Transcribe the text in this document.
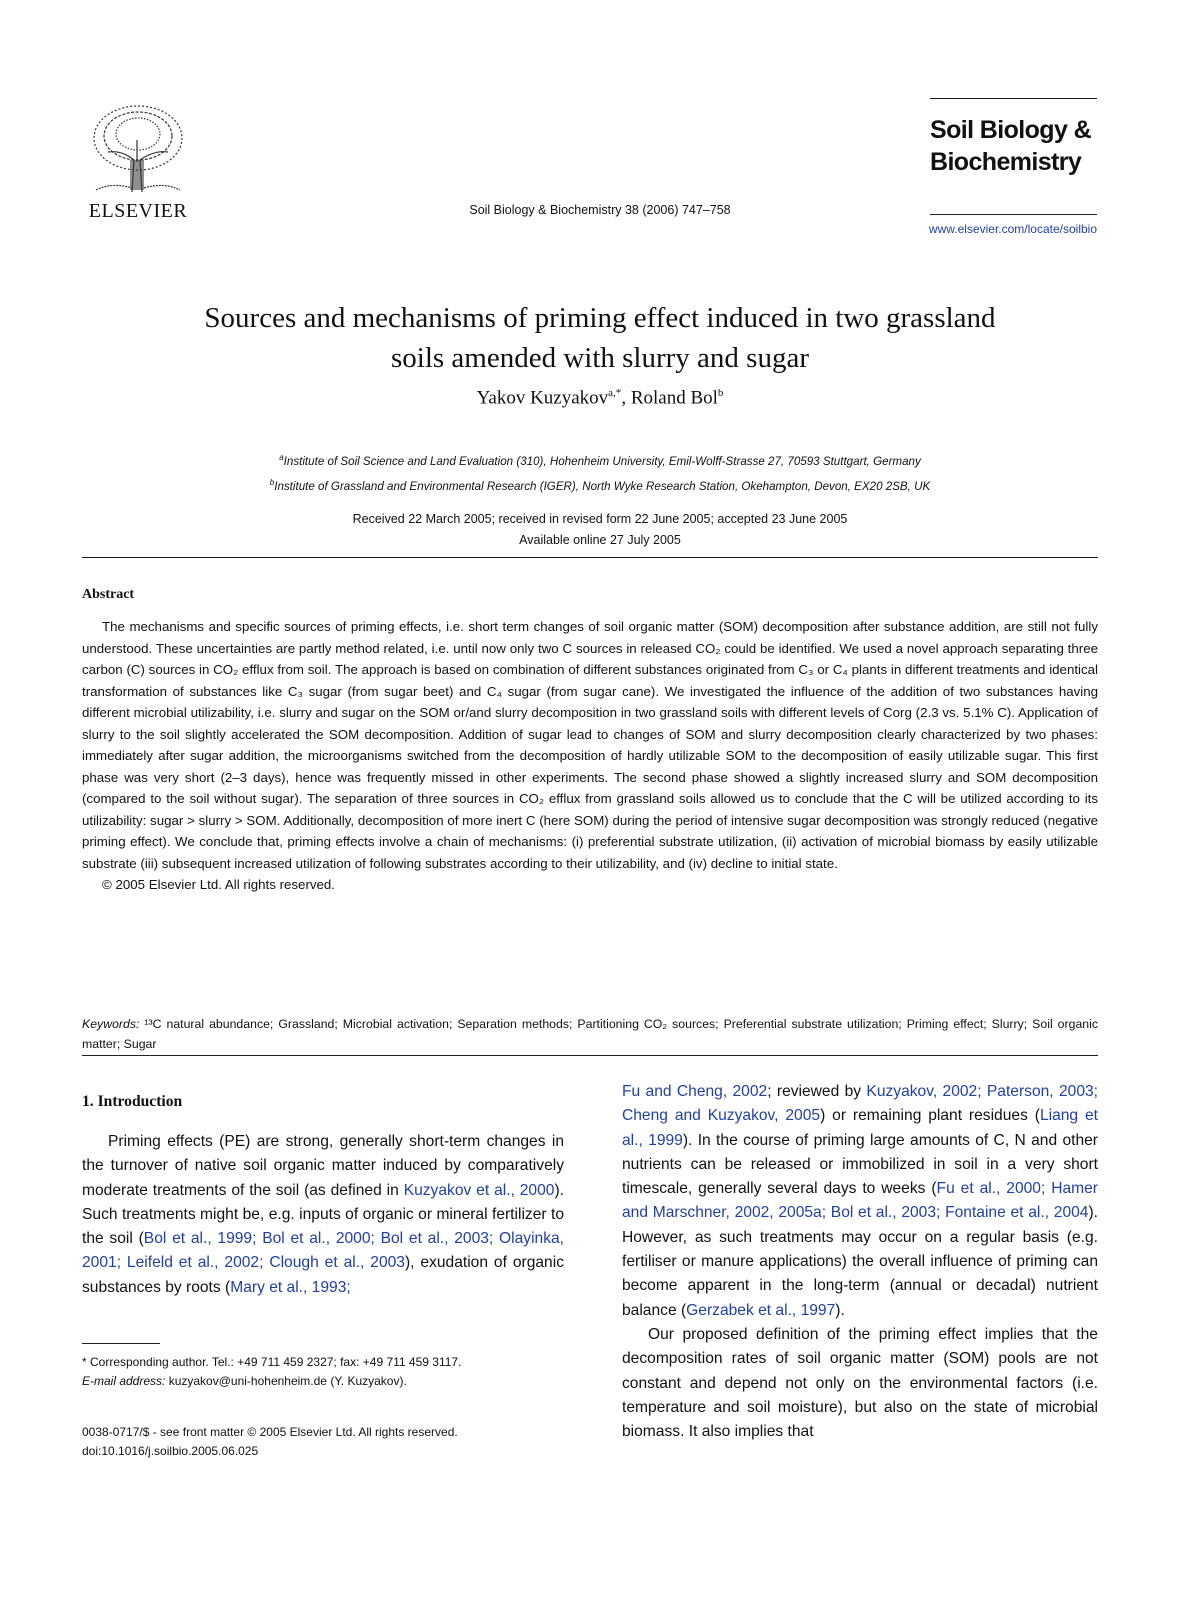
ELSEVIER	Soil Biology & Biochemistry 38 (2006) 747–758
Soil Biology &
Biochemistry
www.elsevier.com/locate/soilbio
Sources and mechanisms of priming effect induced in two grassland
soils amended with slurry and sugar
Yakov Kuzyakov$^{a,*}$, Roland Bol$^b$
$^a$Institute of Soil Science and Land Evaluation (310), Hohenheim University, Emil-Wolff-Strasse 27, 70593 Stuttgart, Germany
$^b$Institute of Grassland and Environmental Research (IGER), North Wyke Research Station, Okehampton, Devon, EX20 2SB, UK
Received 22 March 2005; received in revised form 22 June 2005; accepted 23 June 2005
Available online 27 July 2005
Abstract

The mechanisms and specific sources of priming effects, i.e. short term changes of soil organic matter (SOM) decomposition after substance addition, are still not fully understood. These uncertainties are partly method related, i.e. until now only two C sources in released CO₂ could be identified. We used a novel approach separating three carbon (C) sources in CO₂ efflux from soil. The approach is based on combination of different substances originated from C₃ or C₄ plants in different treatments and identical transformation of substances like C₃ sugar (from sugar beet) and C₄ sugar (from sugar cane). We investigated the influence of the addition of two substances having different microbial utilizability, i.e. slurry and sugar on the SOM or/and slurry decomposition in two grassland soils with different levels of Corg (2.3 vs. 5.1% C). Application of slurry to the soil slightly accelerated the SOM decomposition. Addition of sugar lead to changes of SOM and slurry decomposition clearly characterized by two phases: immediately after sugar addition, the microorganisms switched from the decomposition of hardly utilizable SOM to the decomposition of easily utilizable sugar. This first phase was very short (2–3 days), hence was frequently missed in other experiments. The second phase showed a slightly increased slurry and SOM decomposition (compared to the soil without sugar). The separation of three sources in CO₂ efflux from grassland soils allowed us to conclude that the C will be utilized according to its utilizability: sugar > slurry > SOM. Additionally, decomposition of more inert C (here SOM) during the period of intensive sugar decomposition was strongly reduced (negative priming effect). We conclude that, priming effects involve a chain of mechanisms: (i) preferential substrate utilization, (ii) activation of microbial biomass by easily utilizable substrate (iii) subsequent increased utilization of following substrates according to their utilizability, and (iv) decline to initial state.

© 2005 Elsevier Ltd. All rights reserved.

Keywords: ¹³C natural abundance; Grassland; Microbial activation; Separation methods; Partitioning CO₂ sources; Preferential substrate utilization; Priming effect; Slurry; Soil organic matter; Sugar
1. Introduction

Priming effects (PE) are strong, generally short-term changes in the turnover of native soil organic matter induced by comparatively moderate treatments of the soil (as defined in Kuzyakov et al., 2000). Such treatments might be, e.g. inputs of organic or mineral fertilizer to the soil (Bol et al., 1999; Bol et al., 2000; Bol et al., 2003; Olayinka, 2001; Leifeld et al., 2002; Clough et al., 2003), exudation of organic substances by roots (Mary et al., 1993;

Fu and Cheng, 2002; reviewed by Kuzyakov, 2002; Paterson, 2003; Cheng and Kuzyakov, 2005) or remaining plant residues (Liang et al., 1999). In the course of priming large amounts of C, N and other nutrients can be released or immobilized in soil in a very short timescale, generally several days to weeks (Fu et al., 2000; Hamer and Marschner, 2002, 2005a; Bol et al., 2003; Fontaine et al., 2004). However, as such treatments may occur on a regular basis (e.g. fertiliser or manure applications) the overall influence of priming can become apparent in the long-term (annual or decadal) nutrient balance (Gerzabek et al., 1997).

Our proposed definition of the priming effect implies that the decomposition rates of soil organic matter (SOM) pools are not constant and depend not only on the environmental factors (i.e. temperature and soil moisture), but also on the state of microbial biomass. It also implies that

* Corresponding author. Tel.: +49 711 459 2327; fax: +49 711 459 3117.
E-mail address: kuzyakov@uni-hohenheim.de (Y. Kuzyakov).
0038-0717/$ - see front matter © 2005 Elsevier Ltd. All rights reserved.
doi:10.1016/j.soilbio.2005.06.025
